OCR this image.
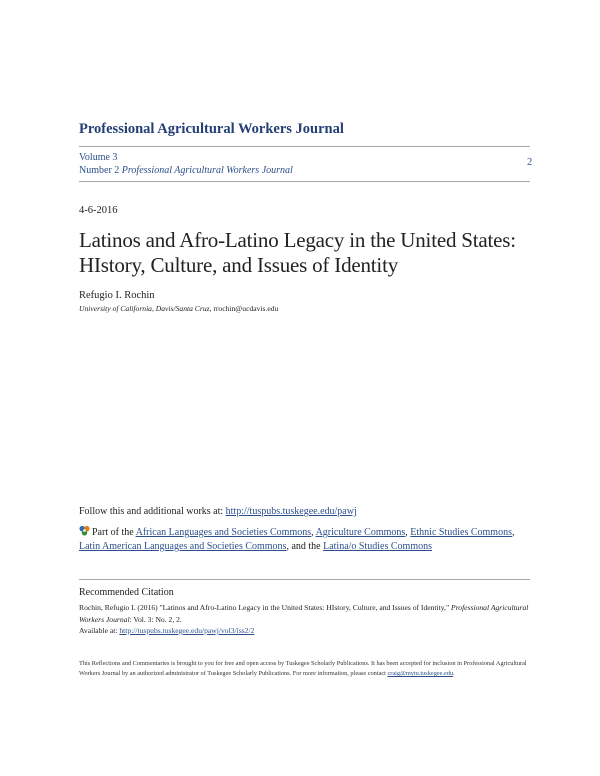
Professional Agricultural Workers Journal
Volume 3
Number 2 Professional Agricultural Workers Journal
2
4-6-2016
Latinos and Afro-Latino Legacy in the United States: HIstory, Culture, and Issues of Identity
Refugio I. Rochin
University of California, Davis/Santa Cruz, rrochin@ucdavis.edu
Follow this and additional works at: http://tuspubs.tuskegee.edu/pawj
Part of the African Languages and Societies Commons, Agriculture Commons, Ethnic Studies Commons, Latin American Languages and Societies Commons, and the Latina/o Studies Commons
Recommended Citation
Rochin, Refugio I. (2016) "Latinos and Afro-Latino Legacy in the United States: HIstory, Culture, and Issues of Identity," Professional Agricultural Workers Journal: Vol. 3: No. 2, 2.
Available at: http://tuspubs.tuskegee.edu/pawj/vol3/iss2/2
This Reflections and Commentaries is brought to you for free and open access by Tuskegee Scholarly Publications. It has been accepted for inclusion in Professional Agricultural Workers Journal by an authorized administrator of Tuskegee Scholarly Publications. For more information, please contact craig@mytu.tuskegee.edu.
